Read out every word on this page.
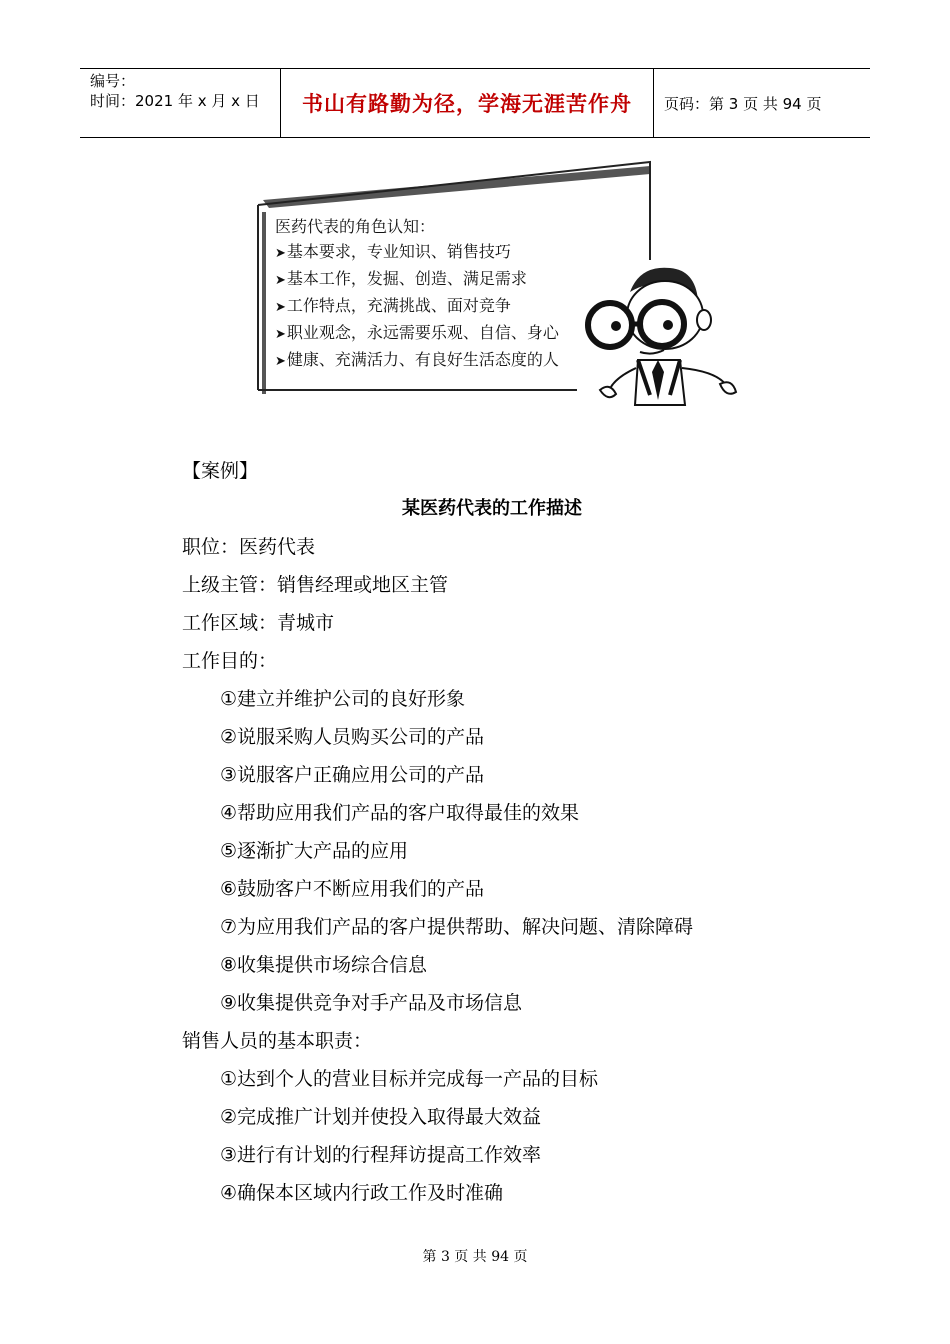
编号：
时间：2021 年 x 月 x 日	书山有路勤为径，学海无涯苦作舟 页码：第 3 页 共 94 页
医药代表的角色认知：
➤ 基本要求，专业知识、销售技巧
➤ 基本工作，发掘、创造、满足需求
➤ 工作特点，充满挑战、面对竞争
➤ 职业观念，永远需要乐观、自信、身心
➤ 健康、充满活力、有良好生活态度的人
【案例】
某医药代表的工作描述
职位：医药代表
上级主管：销售经理或地区主管
工作区域：青城市
工作目的：
①建立并维护公司的良好形象
②说服采购人员购买公司的产品
③说服客户正确应用公司的产品
④帮助应用我们产品的客户取得最佳的效果
⑤逐渐扩大产品的应用
⑥鼓励客户不断应用我们的产品
⑦为应用我们产品的客户提供帮助、解决问题、清除障碍
⑧收集提供市场综合信息
⑨收集提供竞争对手产品及市场信息
销售人员的基本职责：
①达到个人的营业目标并完成每一产品的目标
②完成推广计划并使投入取得最大效益
③进行有计划的行程拜访提高工作效率
④确保本区域内行政工作及时准确
第 3 页 共 94 页
